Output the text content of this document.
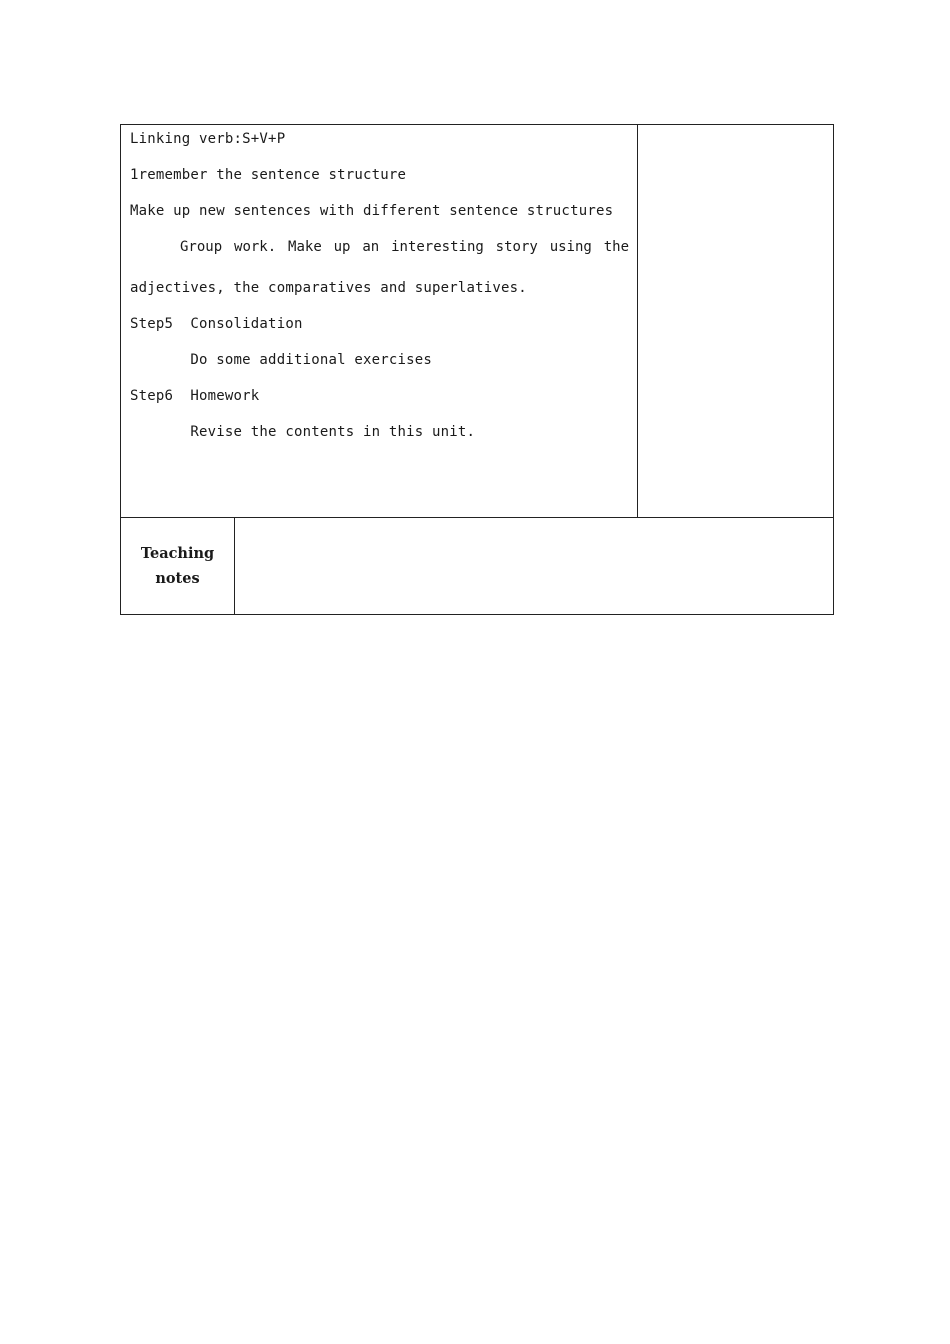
Linking verb:S+V+P
1remember the sentence structure
Make up new sentences with different sentence structures
Group work. Make up an interesting story using the
adjectives, the comparatives and superlatives.
Step5  Consolidation
Do some additional exercises
Step6  Homework
Revise the contents in this unit.
Teaching
notes
